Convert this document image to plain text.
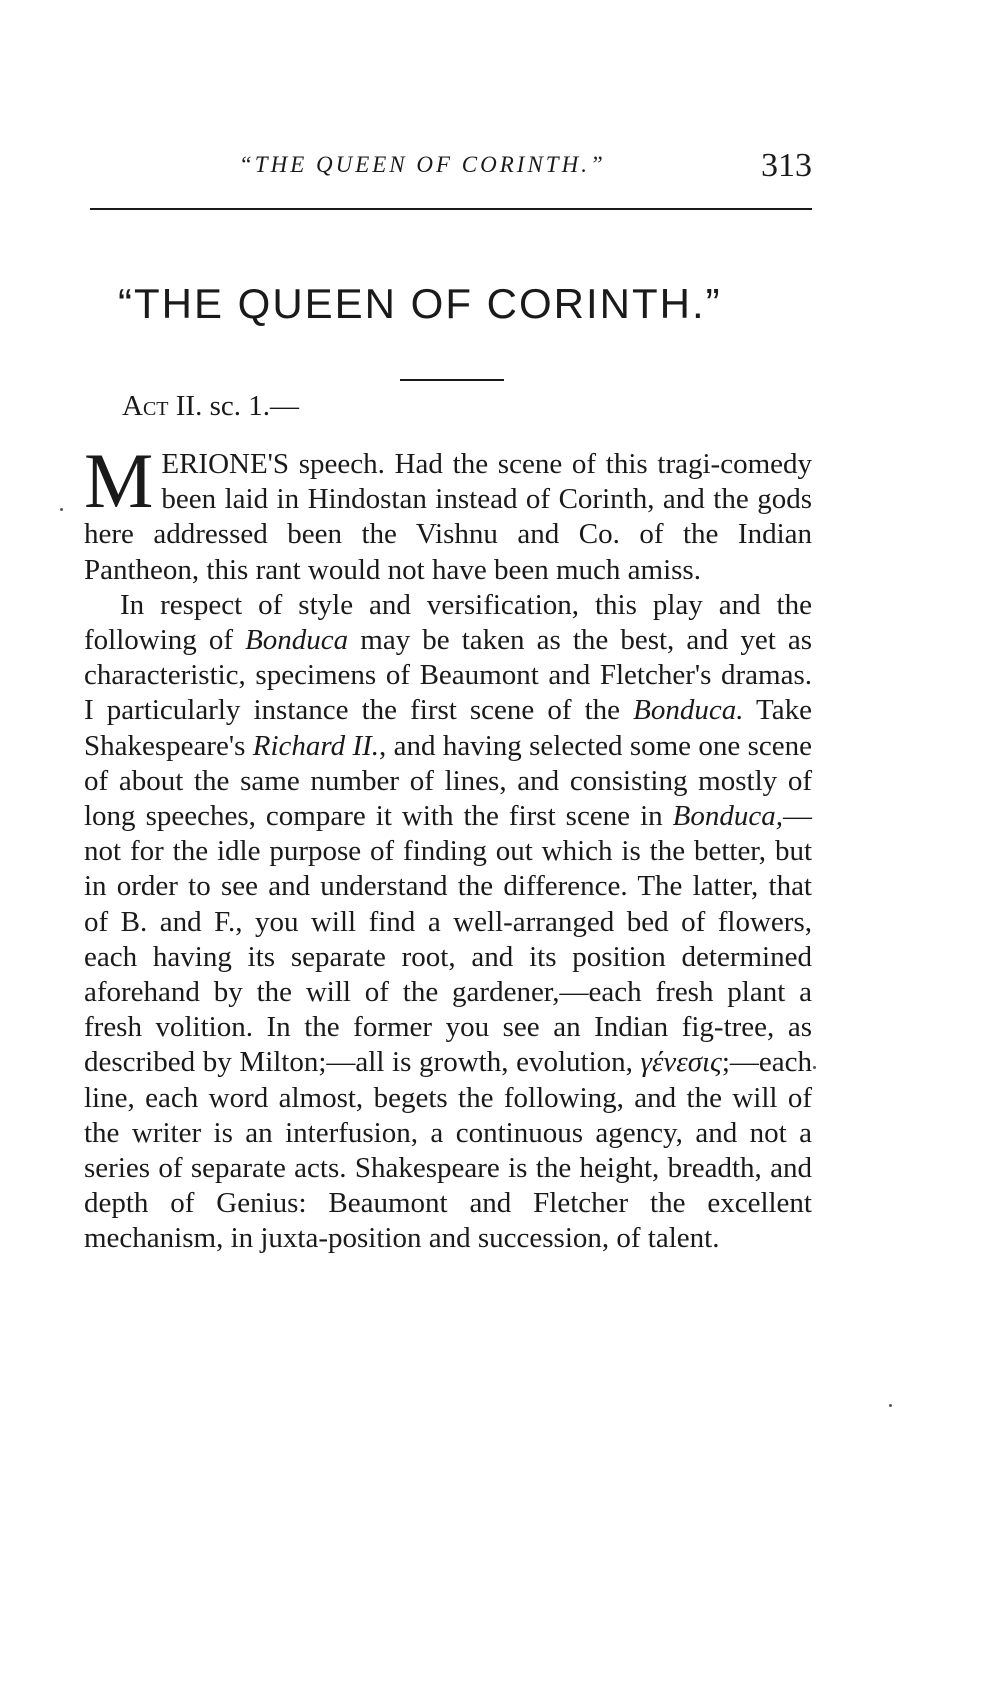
“THE QUEEN OF CORINTH.”	313
“THE QUEEN OF CORINTH.”
Act II. sc. 1.—

MERIONE'S speech. Had the scene of this tragi-comedy been laid in Hindostan instead of Corinth, and the gods here addressed been the Vishnu and Co. of the Indian Pantheon, this rant would not have been much amiss.

In respect of style and versification, this play and the following of Bonduca may be taken as the best, and yet as characteristic, specimens of Beaumont and Fletcher's dramas. I particularly instance the first scene of the Bonduca. Take Shakespeare's Richard II., and having selected some one scene of about the same number of lines, and consisting mostly of long speeches, compare it with the first scene in Bonduca,—not for the idle purpose of finding out which is the better, but in order to see and understand the difference. The latter, that of B. and F., you will find a well-arranged bed of flowers, each having its separate root, and its position determined aforehand by the will of the gardener,—each fresh plant a fresh volition. In the former you see an Indian fig-tree, as described by Milton;—all is growth, evolution, γένεσις;—each line, each word almost, begets the following, and the will of the writer is an interfusion, a continuous agency, and not a series of separate acts. Shakespeare is the height, breadth, and depth of Genius: Beaumont and Fletcher the excellent mechanism, in juxta-position and succession, of talent.
